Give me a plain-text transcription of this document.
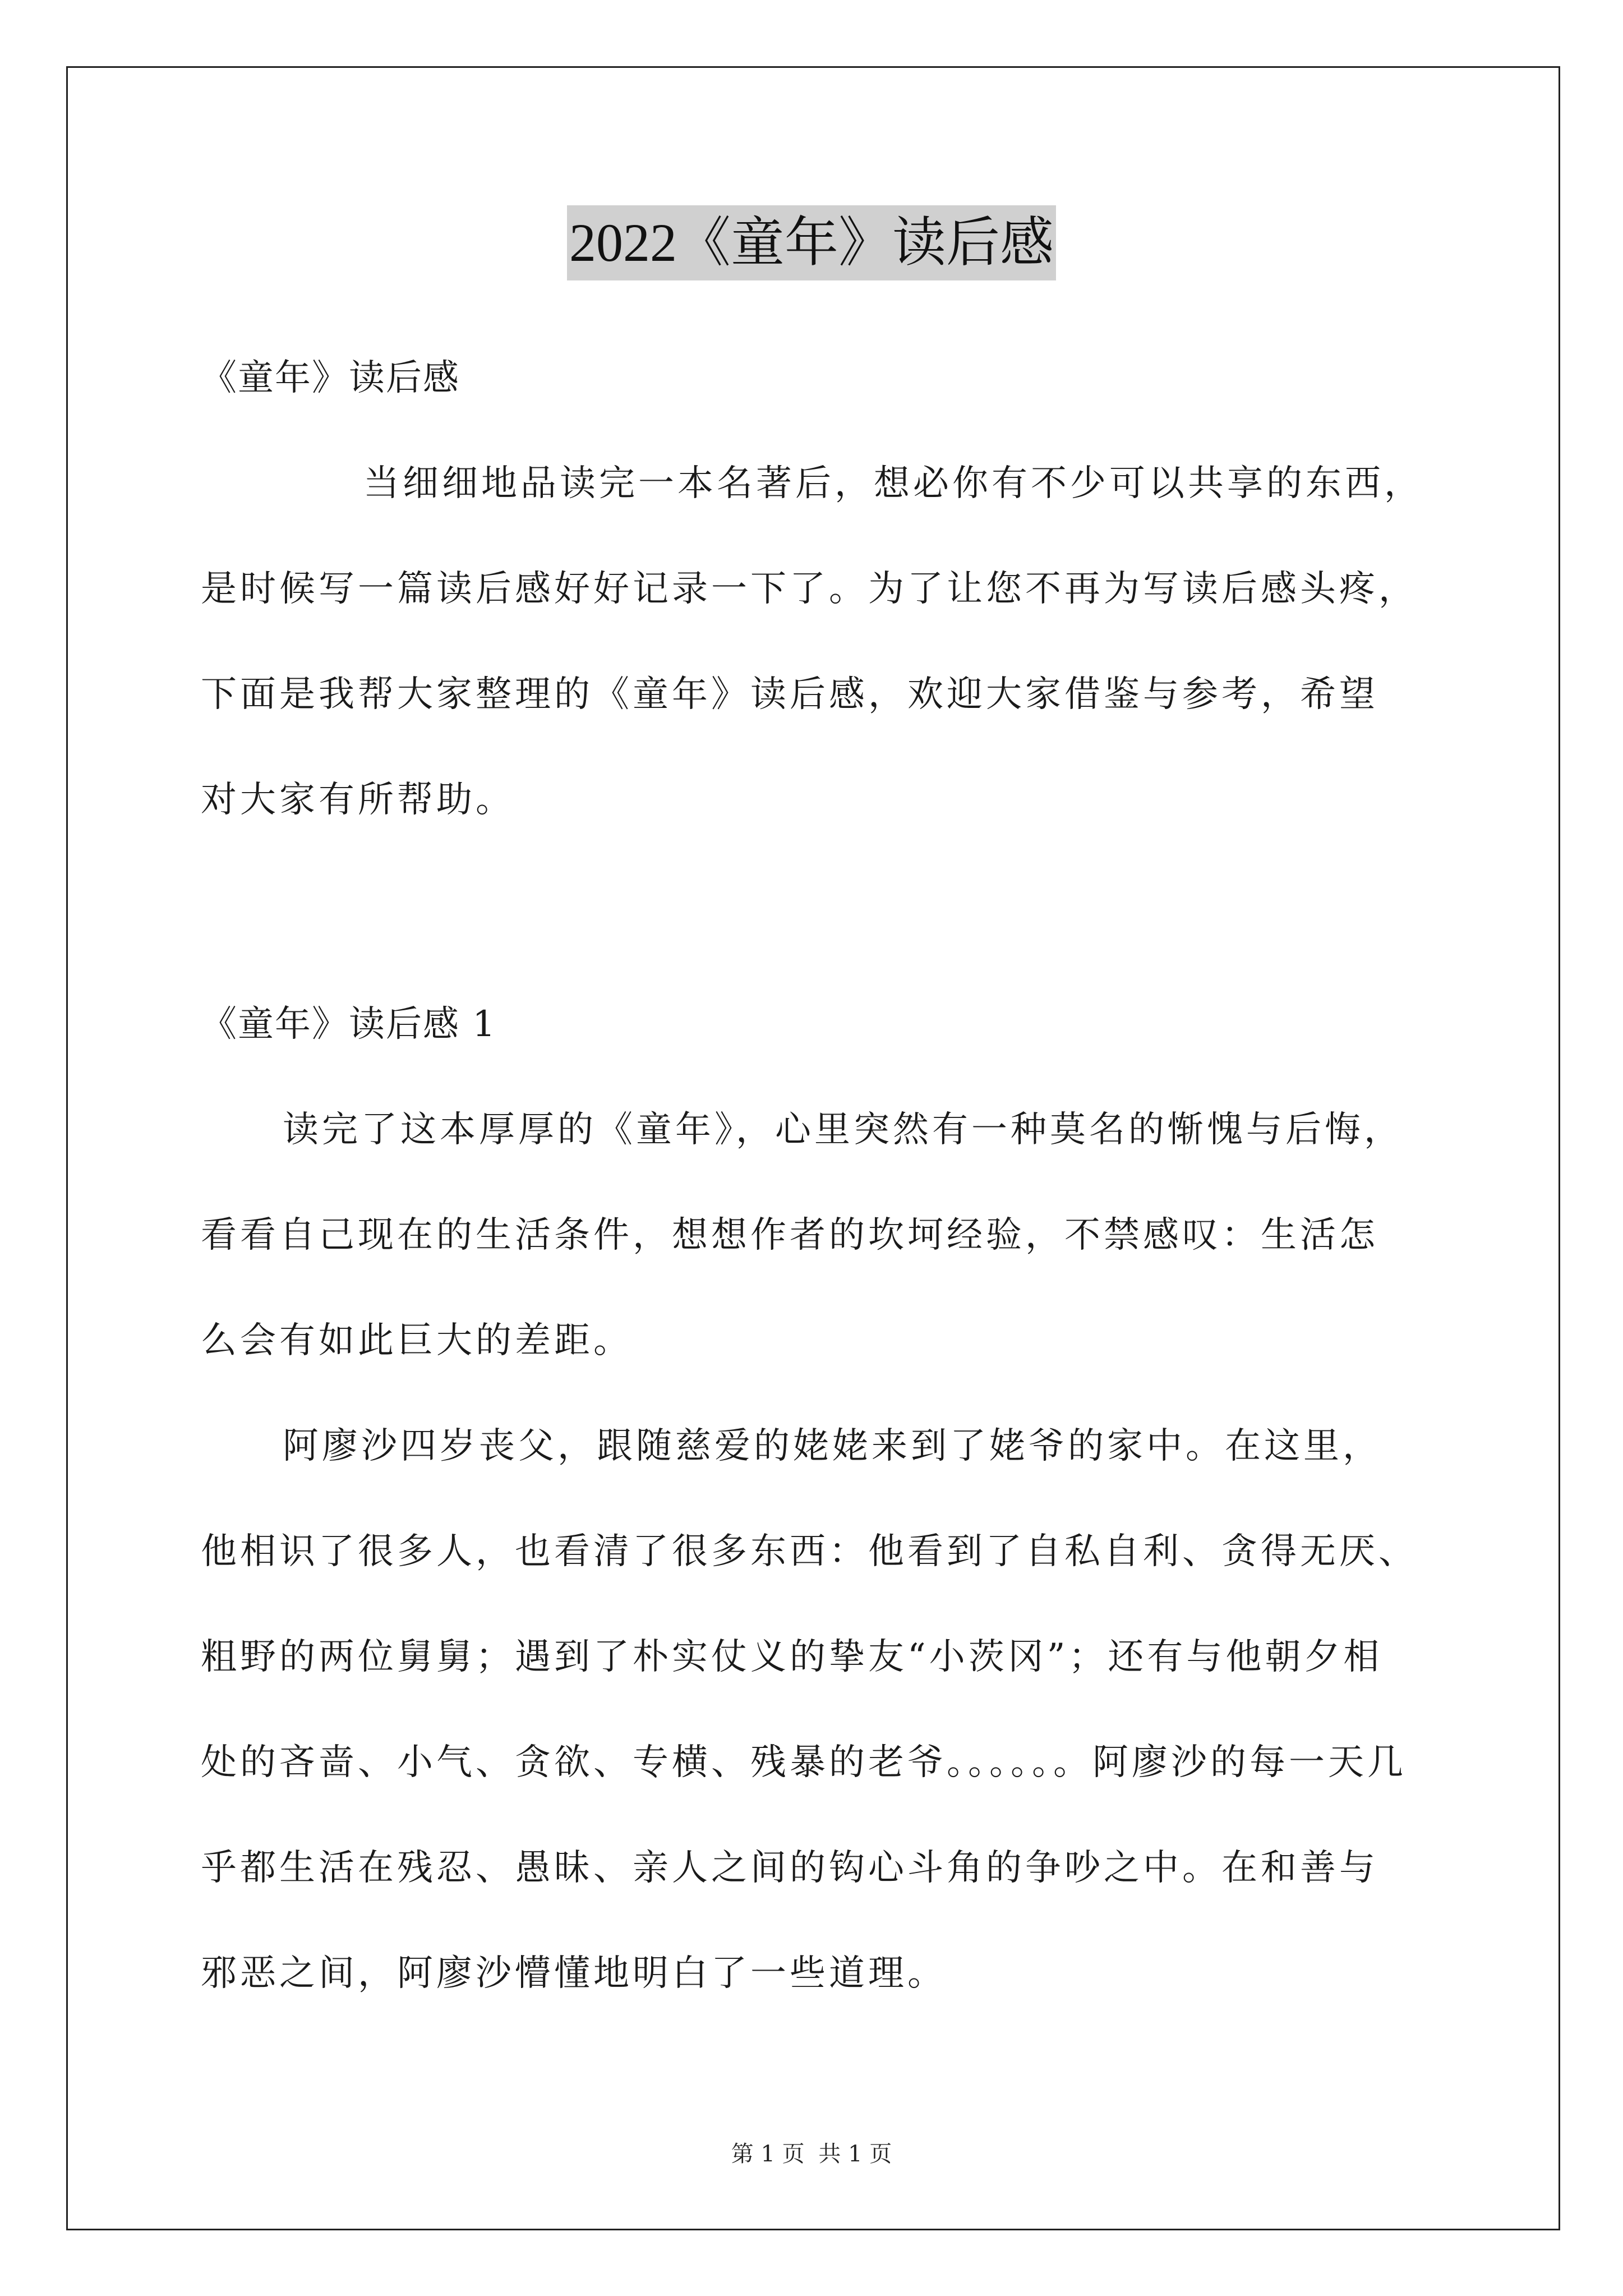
2022《童年》读后感
《童年》读后感
当细细地品读完一本名著后，想必你有不少可以共享的东西，
是时候写一篇读后感好好记录一下了。为了让您不再为写读后感头疼，
下面是我帮大家整理的《童年》读后感，欢迎大家借鉴与参考，希望
对大家有所帮助。
《童年》读后感 1
读完了这本厚厚的《童年》，心里突然有一种莫名的惭愧与后悔，
看看自己现在的生活条件，想想作者的坎坷经验，不禁感叹：生活怎
么会有如此巨大的差距。
阿廖沙四岁丧父，跟随慈爱的姥姥来到了姥爷的家中。在这里，
他相识了很多人，也看清了很多东西：他看到了自私自利、贪得无厌、
粗野的两位舅舅；遇到了朴实仗义的挚友“小茨冈”；还有与他朝夕相
处的吝啬、小气、贪欲、专横、残暴的老爷。。。。。。阿廖沙的每一天几
乎都生活在残忍、愚昧、亲人之间的钩心斗角的争吵之中。在和善与
邪恶之间，阿廖沙懵懂地明白了一些道理。
第 1 页 共 1 页
